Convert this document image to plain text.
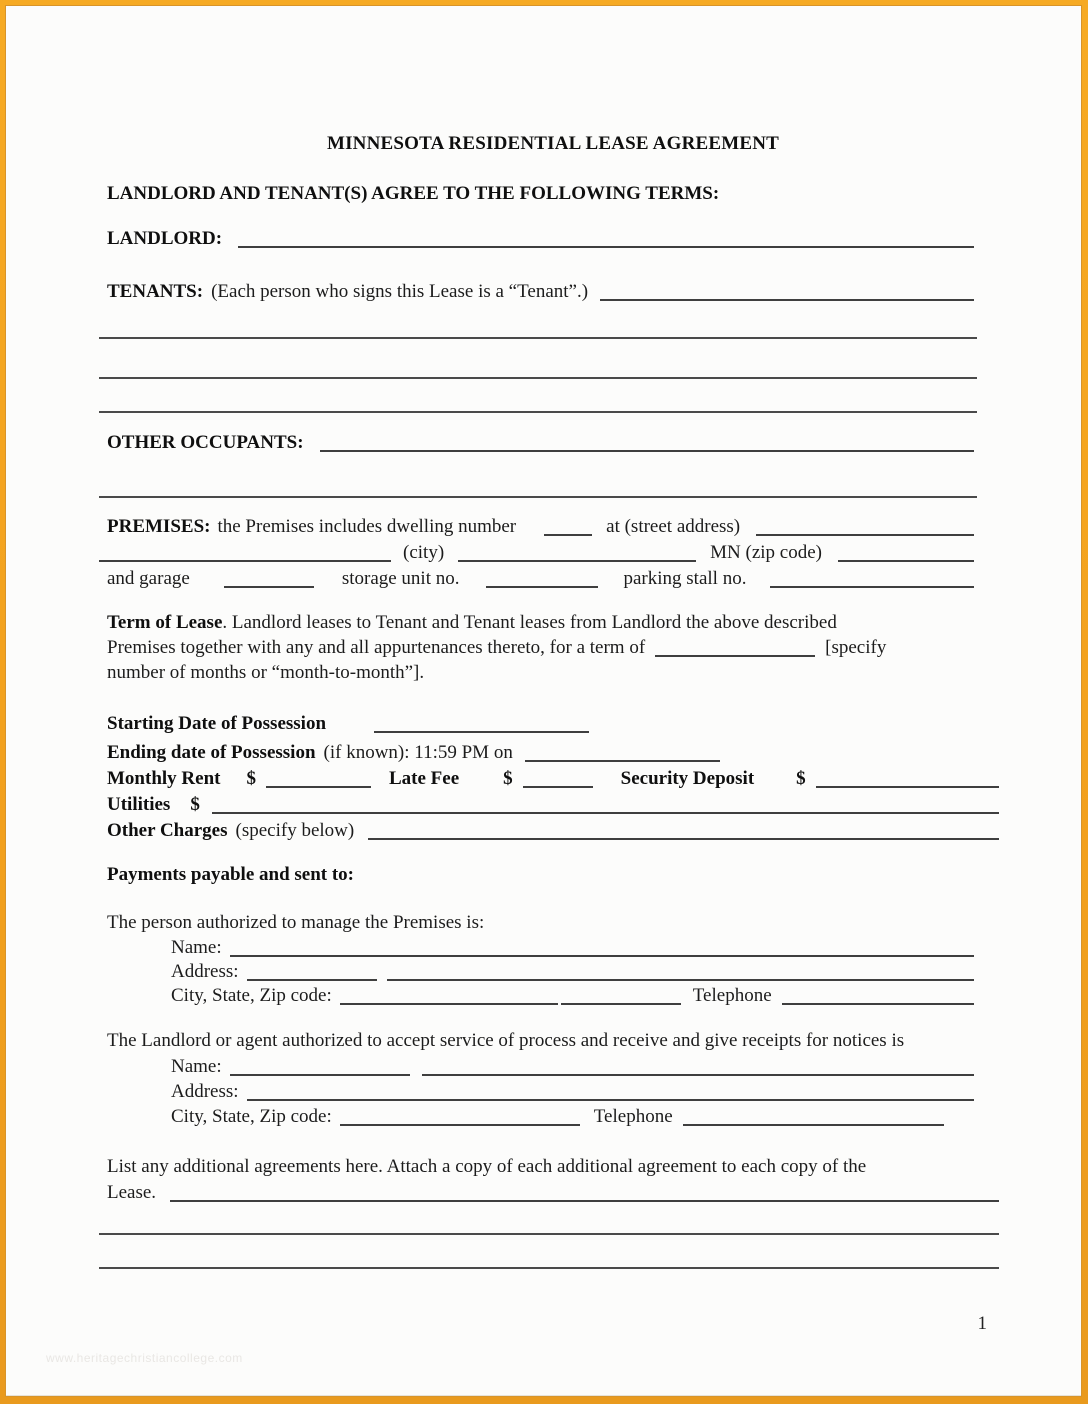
MINNESOTA RESIDENTIAL LEASE AGREEMENT
LANDLORD AND TENANT(S) AGREE TO THE FOLLOWING TERMS:
LANDLORD:
TENANTS: (Each person who signs this Lease is a “Tenant”.)
OTHER OCCUPANTS:
PREMISES: the Premises includes dwelling number	at (street address)
(city)	MN (zip code)
and garage	storage unit no.	parking stall no.
Term of Lease. Landlord leases to Tenant and Tenant leases from Landlord the above described
Premises together with any and all appurtenances thereto, for a term of	[specify
number of months or “month-to-month”].
Starting Date of Possession
Ending date of Possession (if known): 11:59 PM on
Monthly Rent $	Late Fee $	Security Deposit $
Utilities $
Other Charges (specify below)
Payments payable and sent to:
The person authorized to manage the Premises is:
Name:
Address:
City, State, Zip code:	Telephone
The Landlord or agent authorized to accept service of process and receive and give receipts for notices is
Name:
Address:
City, State, Zip code:	Telephone
List any additional agreements here. Attach a copy of each additional agreement to each copy of the
Lease.
1
www.heritagechristiancollege.com
